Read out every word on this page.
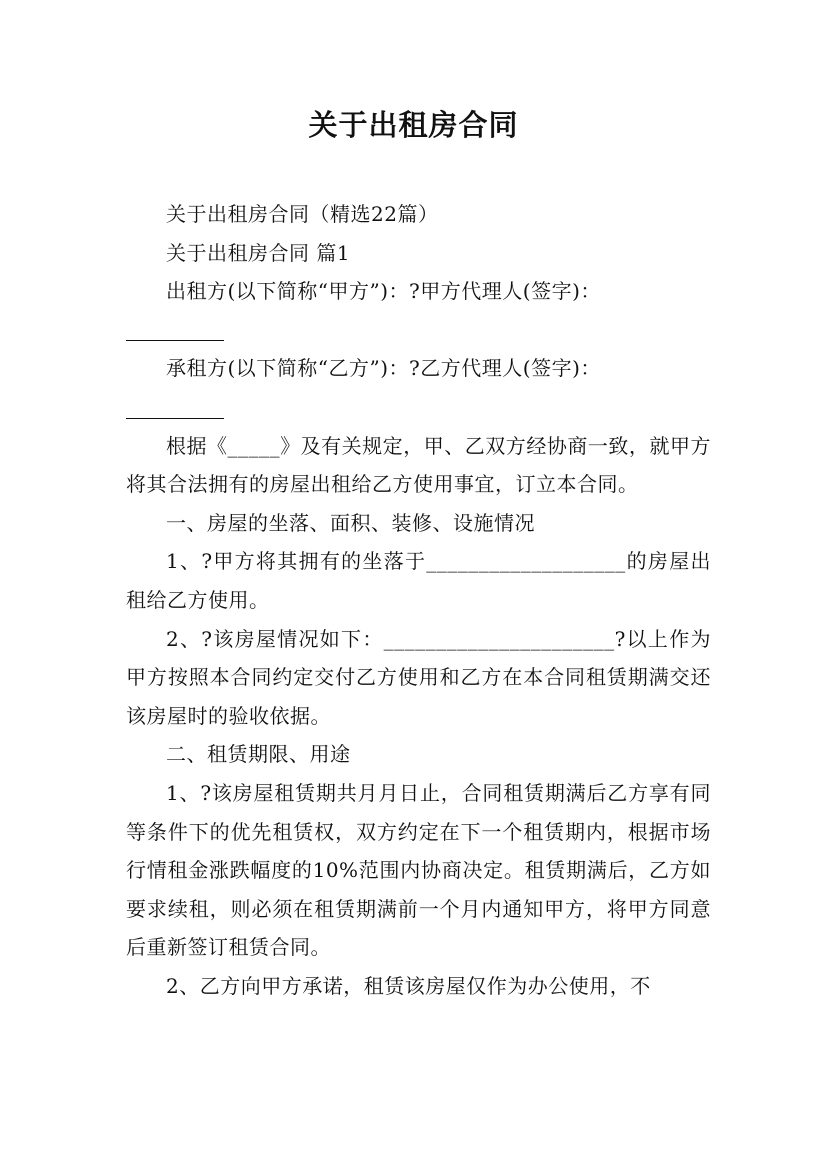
关于出租房合同

关于出租房合同（精选22篇）

关于出租房合同 篇1

出租方(以下简称“甲方”)：?甲方代理人(签字)：

承租方(以下简称“乙方”)：?乙方代理人(签字)：

根据《_____》及有关规定，甲、乙双方经协商一致，就甲方将其合法拥有的房屋出租给乙方使用事宜，订立本合同。

一、房屋的坐落、面积、装修、设施情况

1、?甲方将其拥有的坐落于___________________的房屋出租给乙方使用。

2、?该房屋情况如下：______________________?以上作为甲方按照本合同约定交付乙方使用和乙方在本合同租赁期满交还该房屋时的验收依据。

二、租赁期限、用途

1、?该房屋租赁期共月月日止，合同租赁期满后乙方享有同等条件下的优先租赁权，双方约定在下一个租赁期内，根据市场行情租金涨跌幅度的10%范围内协商决定。租赁期满后，乙方如要求续租，则必须在租赁期满前一个月内通知甲方，将甲方同意后重新签订租赁合同。

2、乙方向甲方承诺，租赁该房屋仅作为办公使用，不
